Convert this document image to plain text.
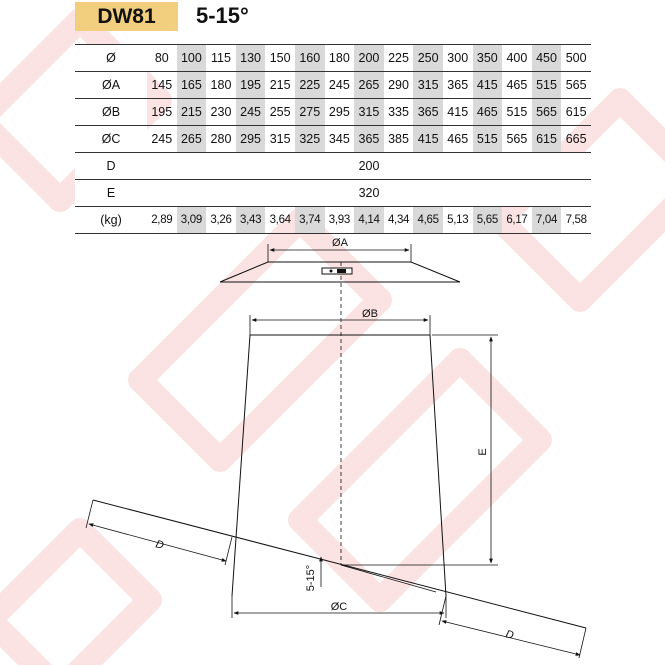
DW81	5-15°
Ø	80	100	115	130	150	160	180	200	225	250	300	350	400	450	500
ØA	145	165	180	195	215	225	245	265	290	315	365	415	465	515	565
ØB	195	215	230	245	255	275	295	315	335	365	415	465	515	565	615
ØC	245	265	280	295	315	325	345	365	385	415	465	515	565	615	665
D	200														
E	320														
(kg)	2,89	3,09	3,26	3,43	3,64	3,74	3,93	4,14	4,34	4,65	5,13	5,65	6,17	7,04	7,58
ØA
ØB
E
D
D
5-15°
ØC
